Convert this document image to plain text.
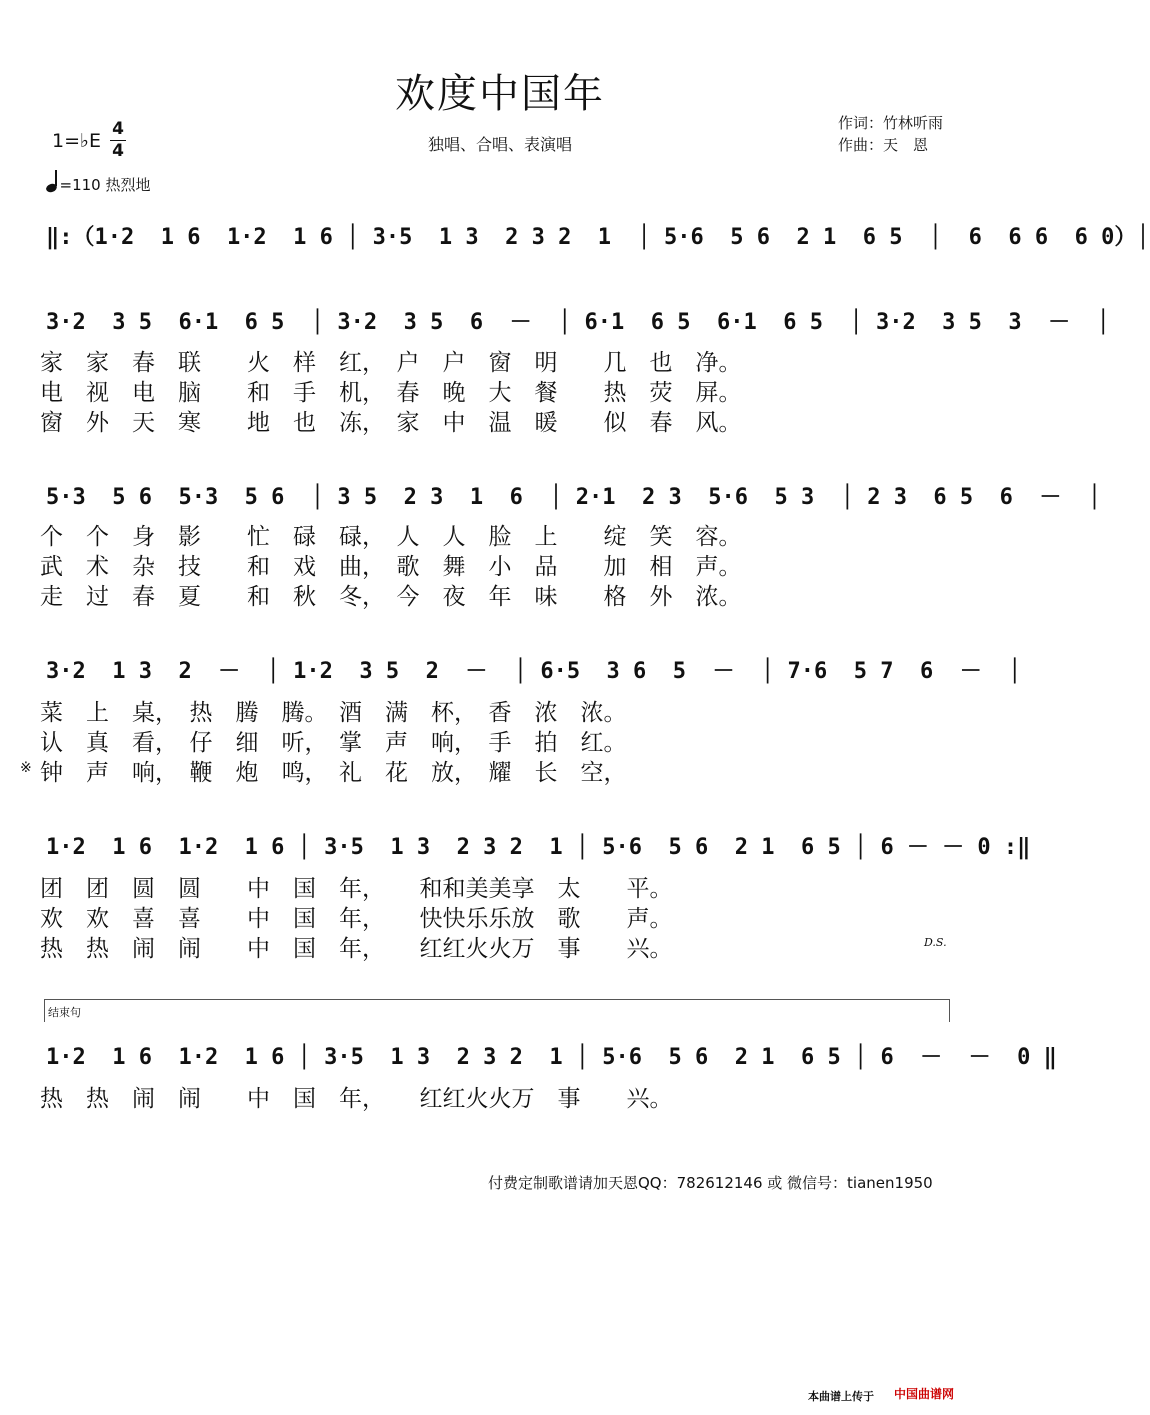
欢度中国年
独唱、合唱、表演唱
作词：竹林听雨
作曲：天　恩
1=♭E
4
4
=110 热烈地
‖:（1·2  1 6  1·2  1 6 │ 3·5  1 3  2 3 2  1  │ 5·6  5 6  2 1  6 5  │  6  6 6  6 0）│
3·2  3 5  6·1  6 5  │ 3·2  3 5  6  －  │ 6·1  6 5  6·1  6 5  │ 3·2  3 5  3  －  │
家　家　春　联　　火　样　红，　户　户　窗　明　　几　也　净。
电　视　电　脑　　和　手　机，　春　晚　大　餐　　热　荧　屏。
窗　外　天　寒　　地　也　冻，　家　中　温　暖　　似　春　风。
5·3  5 6  5·3  5 6  │ 3 5  2 3  1  6  │ 2·1  2 3  5·6  5 3  │ 2 3  6 5  6  －  │
个　个　身　影　　忙　碌　碌，　人　人　脸　上　　绽　笑　容。
武　术　杂　技　　和　戏　曲，　歌　舞　小　品　　加　相　声。
走　过　春　夏　　和　秋　冬，　今　夜　年　味　　格　外　浓。
3·2  1 3  2  －  │ 1·2  3 5  2  －  │ 6·5  3 6  5  －  │ 7·6  5 7  6  －  │
菜　上　桌，　热　腾　腾。　酒　满　杯，　香　浓　浓。
认　真　看，　仔　细　听，　掌　声　响，　手　拍　红。
钟　声　响，　鞭　炮　鸣，　礼　花　放，　耀　长　空，
※
1·2  1 6  1·2  1 6 │ 3·5  1 3  2 3 2  1 │ 5·6  5 6  2 1  6 5 │ 6 － － 0 :‖
团　团　圆　圆　　中　国　年，　　和和美美享　太　　平。
欢　欢　喜　喜　　中　国　年，　　快快乐乐放　歌　　声。
热　热　闹　闹　　中　国　年，　　红红火火万　事　　兴。	D.S.
结束句
1·2  1 6  1·2  1 6 │ 3·5  1 3  2 3 2  1 │ 5·6  5 6  2 1  6 5 │ 6  －  －  0 ‖
热　热　闹　闹　　中　国　年，　　红红火火万　事　　兴。
付费定制歌谱请加天恩QQ：782612146 或 微信号：tianen1950
本曲谱上传于 中国曲谱网
